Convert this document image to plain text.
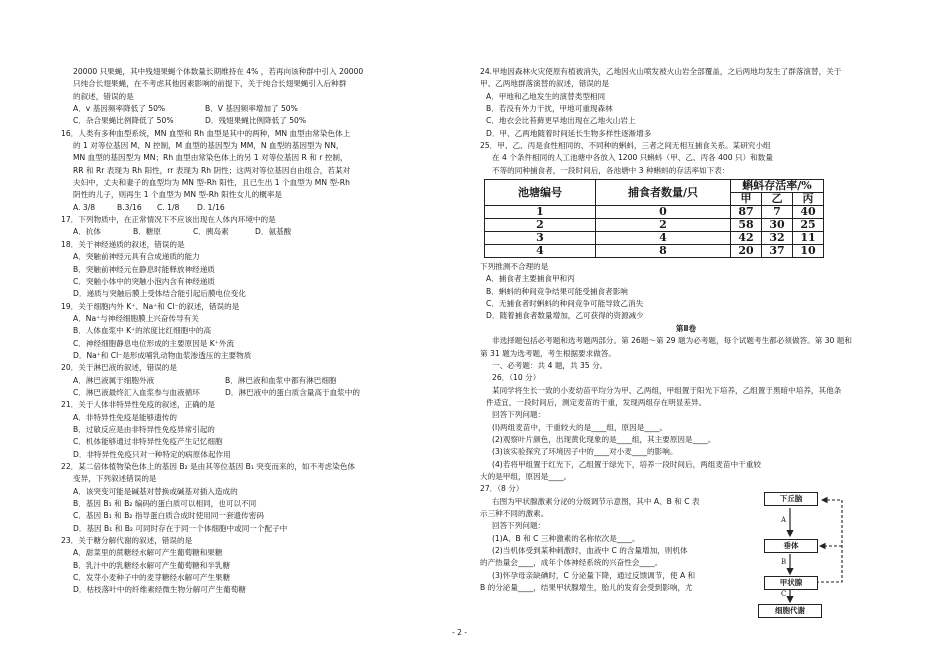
20000 只果蝇，其中残翅果蝇个体数量长期维持在 4% ，若再向该种群中引入 20000
只纯合长翅果蝇，在不考虑其他因素影响的前提下，关于纯合长翅果蝇引入后种群
的叙述，错误的是
A．v 基因频率降低了 50%	B．V 基因频率增加了 50%
C．杂合果蝇比例降低了 50%	D．残翅果蝇比例降低了 50%
16．人类有多种血型系统，MN 血型和 Rh 血型是其中的两种，MN 血型由常染色体上
的 1 对等位基因 M、N 控制，M 血型的基因型为 MM，N 血型的基因型为 NN，
MN 血型的基因型为 MN；Rh 血型由常染色体上的另 1 对等位基因 R 和 r 控制，
RR 和 Rr 表现为 Rh 阳性，rr 表现为 Rh 阴性；这两对等位基因自由组合，若某对
夫妇中，丈夫和妻子的血型均为 MN 型-Rh 阳性，且已生出 1 个血型为 MN 型-Rh
阴性的儿子，则再生 1 个血型为 MN 型-Rh 阳性女儿的概率是
A. 3/8	B.3/16	C. 1/8	D. 1/16
17．下列物质中，在正常情况下不应该出现在人体内环境中的是
A．抗体	B．糖原	C．胰岛素	D．氨基酸
18．关于神经递质的叙述，错误的是
A．突触前神经元具有合成递质的能力
B．突触前神经元在静息时能释放神经递质
C．突触小体中的突触小泡内含有神经递质
D．递质与突触后膜上受体结合能引起后膜电位变化
19．关于细胞内外 K⁺、Na⁺和 Cl⁻的叙述，错误的是
A．Na⁺与神经细胞膜上兴奋传导有关
B．人体血浆中 K⁺的浓度比红细胞中的高
C．神经细胞静息电位形成的主要原因是 K⁺外流
D．Na⁺和 Cl⁻是形成哺乳动物血浆渗透压的主要物质
20．关于淋巴液的叙述，错误的是
A．淋巴液属于细胞外液	B．淋巴液和血浆中都有淋巴细胞
C．淋巴液最终汇入血浆参与血液循环	D．淋巴液中的蛋白质含量高于血浆中的
21．关于人体非特异性免疫的叙述，正确的是
A．非特异性免疫是能够遗传的
B．过敏反应是由非特异性免疫异常引起的
C．机体能够通过非特异性免疫产生记忆细胞
D．非特异性免疫只对一种特定的病原体起作用
22．某二倍体植物染色体上的基因 B₂ 是由其等位基因 B₁ 突变而来的，如不考虑染色体
变异，下列叙述错误的是
A．该突变可能是碱基对替换或碱基对插入造成的
B．基因 B₁ 和 B₂ 编码的蛋白质可以相同，也可以不同
C．基因 B₁ 和 B₂ 指导蛋白质合成时使用同一套遗传密码
D．基因 B₁ 和 B₂ 可同时存在于同一个体细胞中或同一个配子中
23．关于糖分解代谢的叙述，错误的是
A．甜菜里的蔗糖经水解可产生葡萄糖和果糖
B．乳汁中的乳糖经水解可产生葡萄糖和半乳糖
C．发芽小麦种子中的麦芽糖经水解可产生果糖
D．枯枝落叶中的纤维素经微生物分解可产生葡萄糖
24.甲地因森林火灾使原有植被消失，乙地因火山喷发被火山岩全部覆盖，之后两地均发生了群落演替，关于
甲、乙两地群落演替的叙述，错误的是
A．甲地和乙地发生的演替类型相同
B．若没有外力干扰，甲地可重现森林
C．地衣会比苔藓更早地出现在乙地火山岩上
D．甲、乙两地随着时间延长生物多样性逐渐增多
25．甲、乙、丙是食性相同的、不同种的蝌蚪，三者之间无相互捕食关系。某研究小组
在 4 个条件相同的人工池塘中各放入 1200 只蝌蚪（甲、乙、丙各 400 只）和数量
不等的同种捕食者，一段时间后，各池塘中 3 种蝌蚪的存活率如下表：
池塘编号	捕食者数量/只	蝌蚪存活率/%		
		甲	乙	丙
1	0	87	7	40
2	2	58	30	25
3	4	42	32	11
4	8	20	37	10
下列推测不合理的是
A．捕食者主要捕食甲和丙
B．蝌蚪的种间竞争结果可能受捕食者影响
C．无捕食者时蝌蚪的种间竞争可能导致乙消失
D．随着捕食者数量增加，乙可获得的资源减少
第Ⅱ卷
非选择题包括必考题和选考题两部分。第 26题～第 29 题为必考题，每个试题考生都必须做答。第 30 题和
第 31 题为选考题，考生根据要求做答。
一、必考题：共 4 题，共 35 分。
26．（10 分）
某同学将生长一致的小麦幼苗平均分为甲、乙两组，甲组置于阳光下培养，乙组置于黑暗中培养，其他条
件适宜，一段时间后，测定麦苗的干重，发现两组存在明显差异。
回答下列问题：
(l)两组麦苗中，干重较大的是____组，原因是____。
(2)观察叶片颜色，出现黄化现象的是____组，其主要原因是____。
(3)该实验探究了环境因子中的____对小麦____的影响。
(4)若将甲组置于红光下，乙组置于绿光下，培养一段时间后，两组麦苗中干重较
大的是甲组，原因是____。
27．（8 分）
右图为甲状腺激素分泌的分级调节示意图，其中 A、B 和 C 表
示三种不同的激素。
回答下列问题：
(1)A、B 和 C 三种激素的名称依次是____。
(2)当机体受到某种刺激时，血液中 C 的含量增加，则机体
的产热量会____，成年个体神经系统的兴奋性会____。
(3)怀孕母亲缺碘时，C 分泌量下降，通过反馈调节，使 A 和
B 的分泌量____，结果甲状腺增生，胎儿的发育会受到影响，尤
下丘脑
垂体
甲状腺
细胞代谢
A
B
C
- 2 -
